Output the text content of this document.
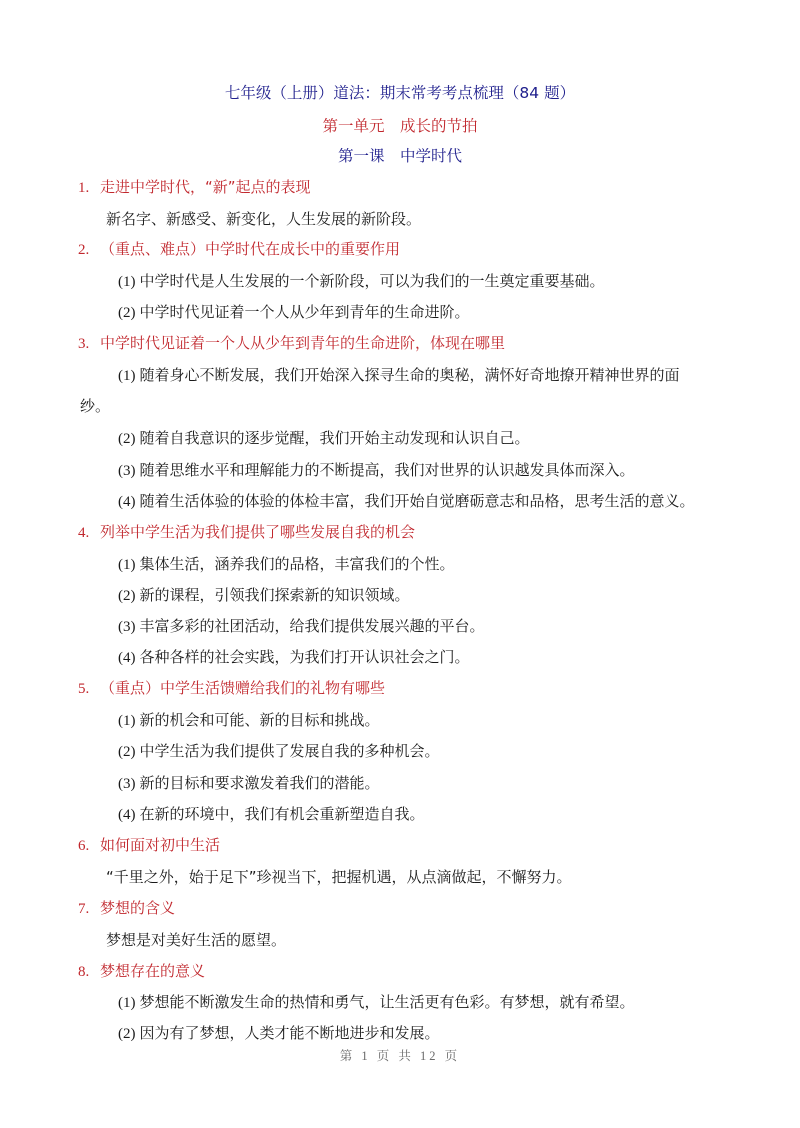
七年级（上册）道法：期末常考考点梳理（84 题）
第一单元　成长的节拍
第一课　中学时代
1. 走进中学时代，“新”起点的表现
新名字、新感受、新变化，人生发展的新阶段。
2. （重点、难点）中学时代在成长中的重要作用
(1) 中学时代是人生发展的一个新阶段，可以为我们的一生奠定重要基础。
(2) 中学时代见证着一个人从少年到青年的生命进阶。
3. 中学时代见证着一个人从少年到青年的生命进阶，体现在哪里
(1) 随着身心不断发展，我们开始深入探寻生命的奥秘，满怀好奇地撩开精神世界的面
纱。
(2) 随着自我意识的逐步觉醒，我们开始主动发现和认识自己。
(3) 随着思维水平和理解能力的不断提高，我们对世界的认识越发具体而深入。
(4) 随着生活体验的体验的体检丰富，我们开始自觉磨砺意志和品格，思考生活的意义。
4. 列举中学生活为我们提供了哪些发展自我的机会
(1) 集体生活，涵养我们的品格，丰富我们的个性。
(2) 新的课程，引领我们探索新的知识领域。
(3) 丰富多彩的社团活动，给我们提供发展兴趣的平台。
(4) 各种各样的社会实践，为我们打开认识社会之门。
5. （重点）中学生活馈赠给我们的礼物有哪些
(1) 新的机会和可能、新的目标和挑战。
(2) 中学生活为我们提供了发展自我的多种机会。
(3) 新的目标和要求激发着我们的潜能。
(4) 在新的环境中，我们有机会重新塑造自我。
6. 如何面对初中生活
“千里之外，始于足下”珍视当下，把握机遇，从点滴做起，不懈努力。
7. 梦想的含义
梦想是对美好生活的愿望。
8. 梦想存在的意义
(1) 梦想能不断激发生命的热情和勇气，让生活更有色彩。有梦想，就有希望。
(2) 因为有了梦想，人类才能不断地进步和发展。
第 1 页 共 12 页
